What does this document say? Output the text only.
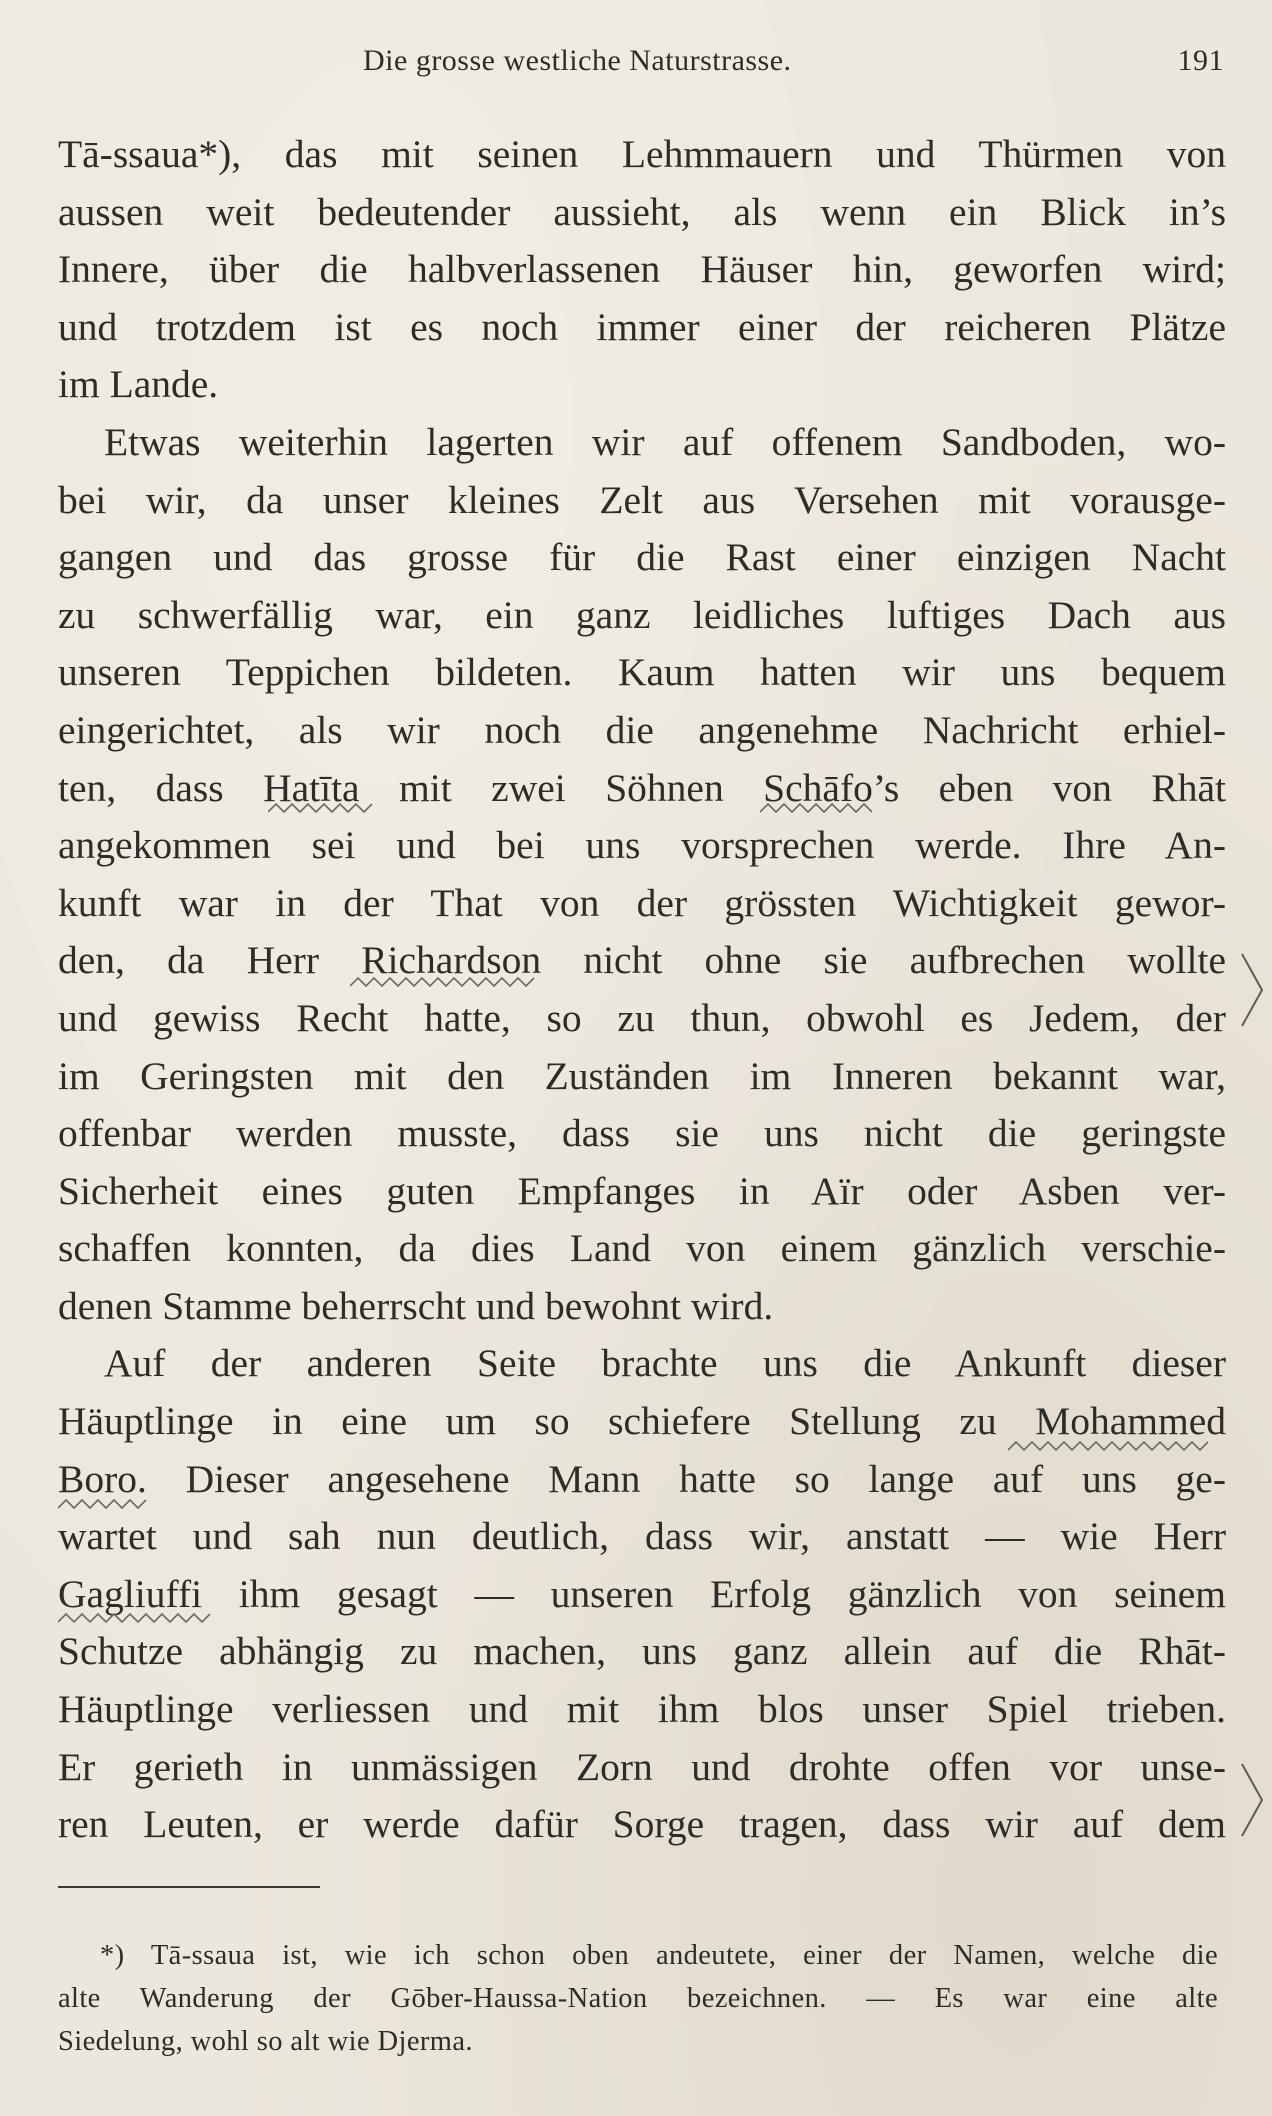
Die grosse westliche Naturstrasse.	191
Tā-ssaua*), das mit seinen Lehmmauern und Thürmen von
aussen weit bedeutender aussieht, als wenn ein Blick in’s
Innere, über die halbverlassenen Häuser hin, geworfen wird;
und trotzdem ist es noch immer einer der reicheren Plätze
im Lande.
Etwas weiterhin lagerten wir auf offenem Sandboden, wo-
bei wir, da unser kleines Zelt aus Versehen mit vorausge-
gangen und das grosse für die Rast einer einzigen Nacht
zu schwerfällig war, ein ganz leidliches luftiges Dach aus
unseren Teppichen bildeten. Kaum hatten wir uns bequem
eingerichtet, als wir noch die angenehme Nachricht erhiel-
ten, dass Hatīta mit zwei Söhnen Schāfo’s eben von Rhāt
angekommen sei und bei uns vorsprechen werde. Ihre An-
kunft war in der That von der grössten Wichtigkeit gewor-
den, da Herr Richardson nicht ohne sie aufbrechen wollte
und gewiss Recht hatte, so zu thun, obwohl es Jedem, der
im Geringsten mit den Zuständen im Inneren bekannt war,
offenbar werden musste, dass sie uns nicht die geringste
Sicherheit eines guten Empfanges in Aïr oder Asben ver-
schaffen konnten, da dies Land von einem gänzlich verschie-
denen Stamme beherrscht und bewohnt wird.
Auf der anderen Seite brachte uns die Ankunft dieser
Häuptlinge in eine um so schiefere Stellung zu Mohammed
Boro. Dieser angesehene Mann hatte so lange auf uns ge-
wartet und sah nun deutlich, dass wir, anstatt — wie Herr
Gagliuffi ihm gesagt — unseren Erfolg gänzlich von seinem
Schutze abhängig zu machen, uns ganz allein auf die Rhāt-
Häuptlinge verliessen und mit ihm blos unser Spiel trieben.
Er gerieth in unmässigen Zorn und drohte offen vor unse-
ren Leuten, er werde dafür Sorge tragen, dass wir auf dem
*) Tā-ssaua ist, wie ich schon oben andeutete, einer der Namen, welche die
alte Wanderung der Gōber-Haussa-Nation bezeichnen. — Es war eine alte
Siedelung, wohl so alt wie Djerma.
